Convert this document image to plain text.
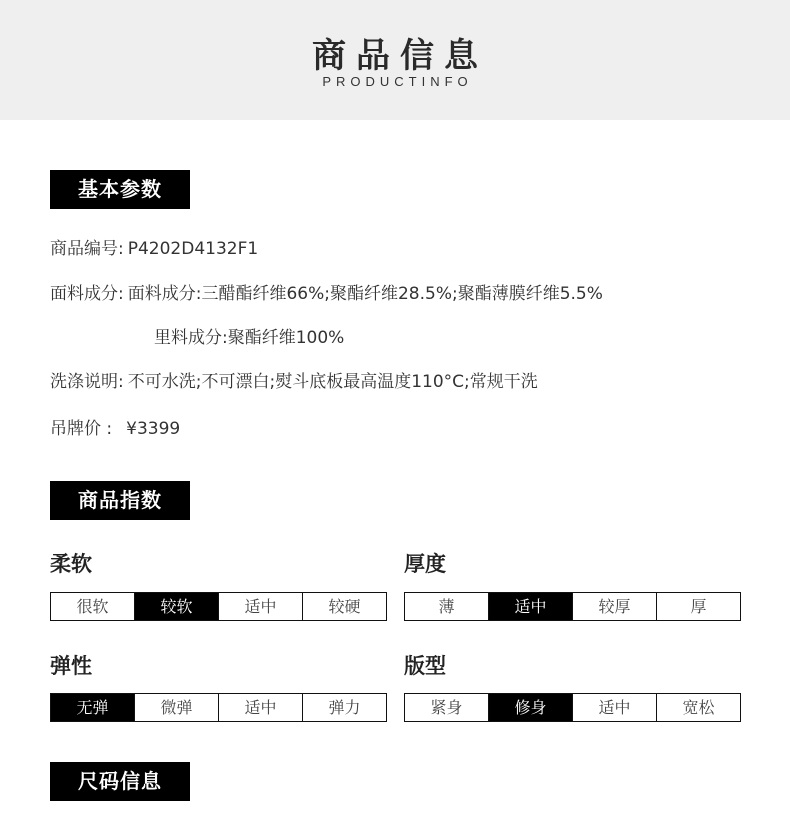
商品信息
PRODUCTINFO
基本参数
商品编号: P4202D4132F1
面料成分: 面料成分:三醋酯纤维66%;聚酯纤维28.5%;聚酯薄膜纤维5.5%
里料成分:聚酯纤维100%
洗涤说明: 不可水洗;不可漂白;熨斗底板最高温度110°C;常规干洗
吊牌价 : ¥3399
商品指数
柔软
很软	较软	适中	较硬
厚度
薄	适中	较厚	厚
弹性
无弹	微弹	适中	弹力
版型
紧身	修身	适中	宽松
尺码信息
